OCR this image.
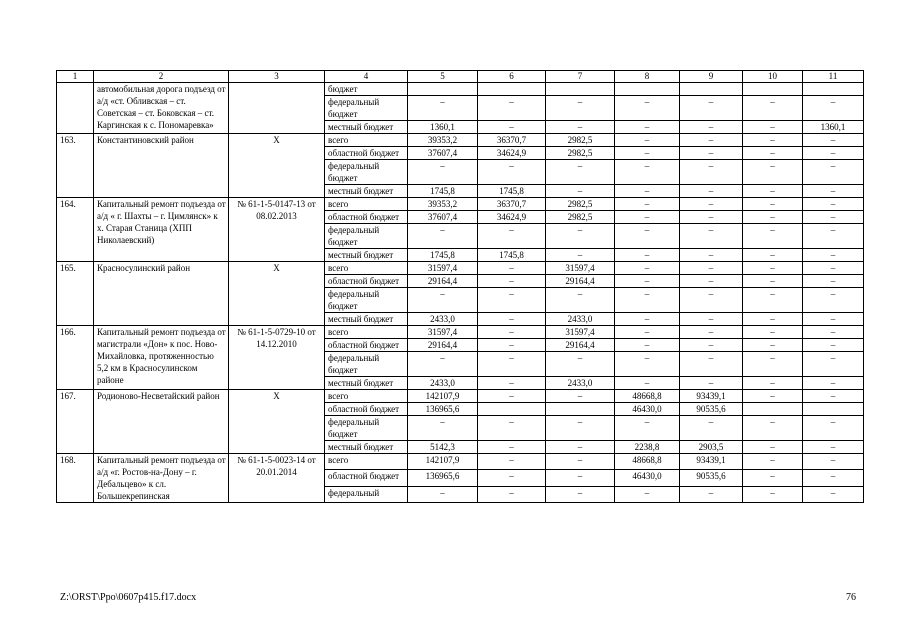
1	2	3	4	5	6	7	8	9	10	11
	автомобильная дорога подъезд от а/д «ст. Обливская – ст. Советская – ст. Боковская – ст. Каргинская к с. Пономаревка»		бюджет							
			федеральный бюджет	–	–	–	–	–	–	–
			местный бюджет	1360,1	–	–	–	–	–	1360,1
163.	Константиновский район	X	всего	39353,2	36370,7	2982,5	–	–	–	–
			областной бюджет	37607,4	34624,9	2982,5	–	–	–	–
			федеральный бюджет	–	–	–	–	–	–	–
			местный бюджет	1745,8	1745,8	–	–	–	–	–
164.	Капитальный ремонт подъезда от а/д « г. Шахты – г. Цимлянск» к х. Старая Станица (ХПП Николаевский)	№ 61-1-5-0147-13 от 08.02.2013	всего	39353,2	36370,7	2982,5	–	–	–	–
			областной бюджет	37607,4	34624,9	2982,5	–	–	–	–
			федеральный бюджет	–	–	–	–	–	–	–
			местный бюджет	1745,8	1745,8	–	–	–	–	–
165.	Красносулинский район	X	всего	31597,4	–	31597,4	–	–	–	–
			областной бюджет	29164,4	–	29164,4	–	–	–	–
			федеральный бюджет	–	–	–	–	–	–	–
			местный бюджет	2433,0	–	2433,0	–	–	–	–
166.	Капитальный ремонт подъезда от магистрали «Дон» к пос. Ново-Михайловка, протяженностью 5,2 км в Красносулинском районе	№ 61-1-5-0729-10 от 14.12.2010	всего	31597,4	–	31597,4	–	–	–	–
			областной бюджет	29164,4	–	29164,4	–	–	–	–
			федеральный бюджет	–	–	–	–	–	–	–
			местный бюджет	2433,0	–	2433,0	–	–	–	–
167.	Родионово-Несветайский район	X	всего	142107,9	–	–	48668,8	93439,1	–	–
			областной бюджет	136965,6			46430,0	90535,6		
			федеральный бюджет	–	–	–	–	–	–	–
			местный бюджет	5142,3	–	–	2238,8	2903,5	–	–
168.	Капитальный ремонт подъезда от а/д «г. Ростов-на-Дону – г. Дебальцево» к сл. Большекрепинская	№ 61-1-5-0023-14 от 20.01.2014	всего	142107,9	–	–	48668,8	93439,1	–	–
			областной бюджет	136965,6	–	–	46430,0	90535,6	–	–
			федеральный	–	–	–	–	–	–	–
Z:\ORST\Ppo\0607p415.f17.docx	76
